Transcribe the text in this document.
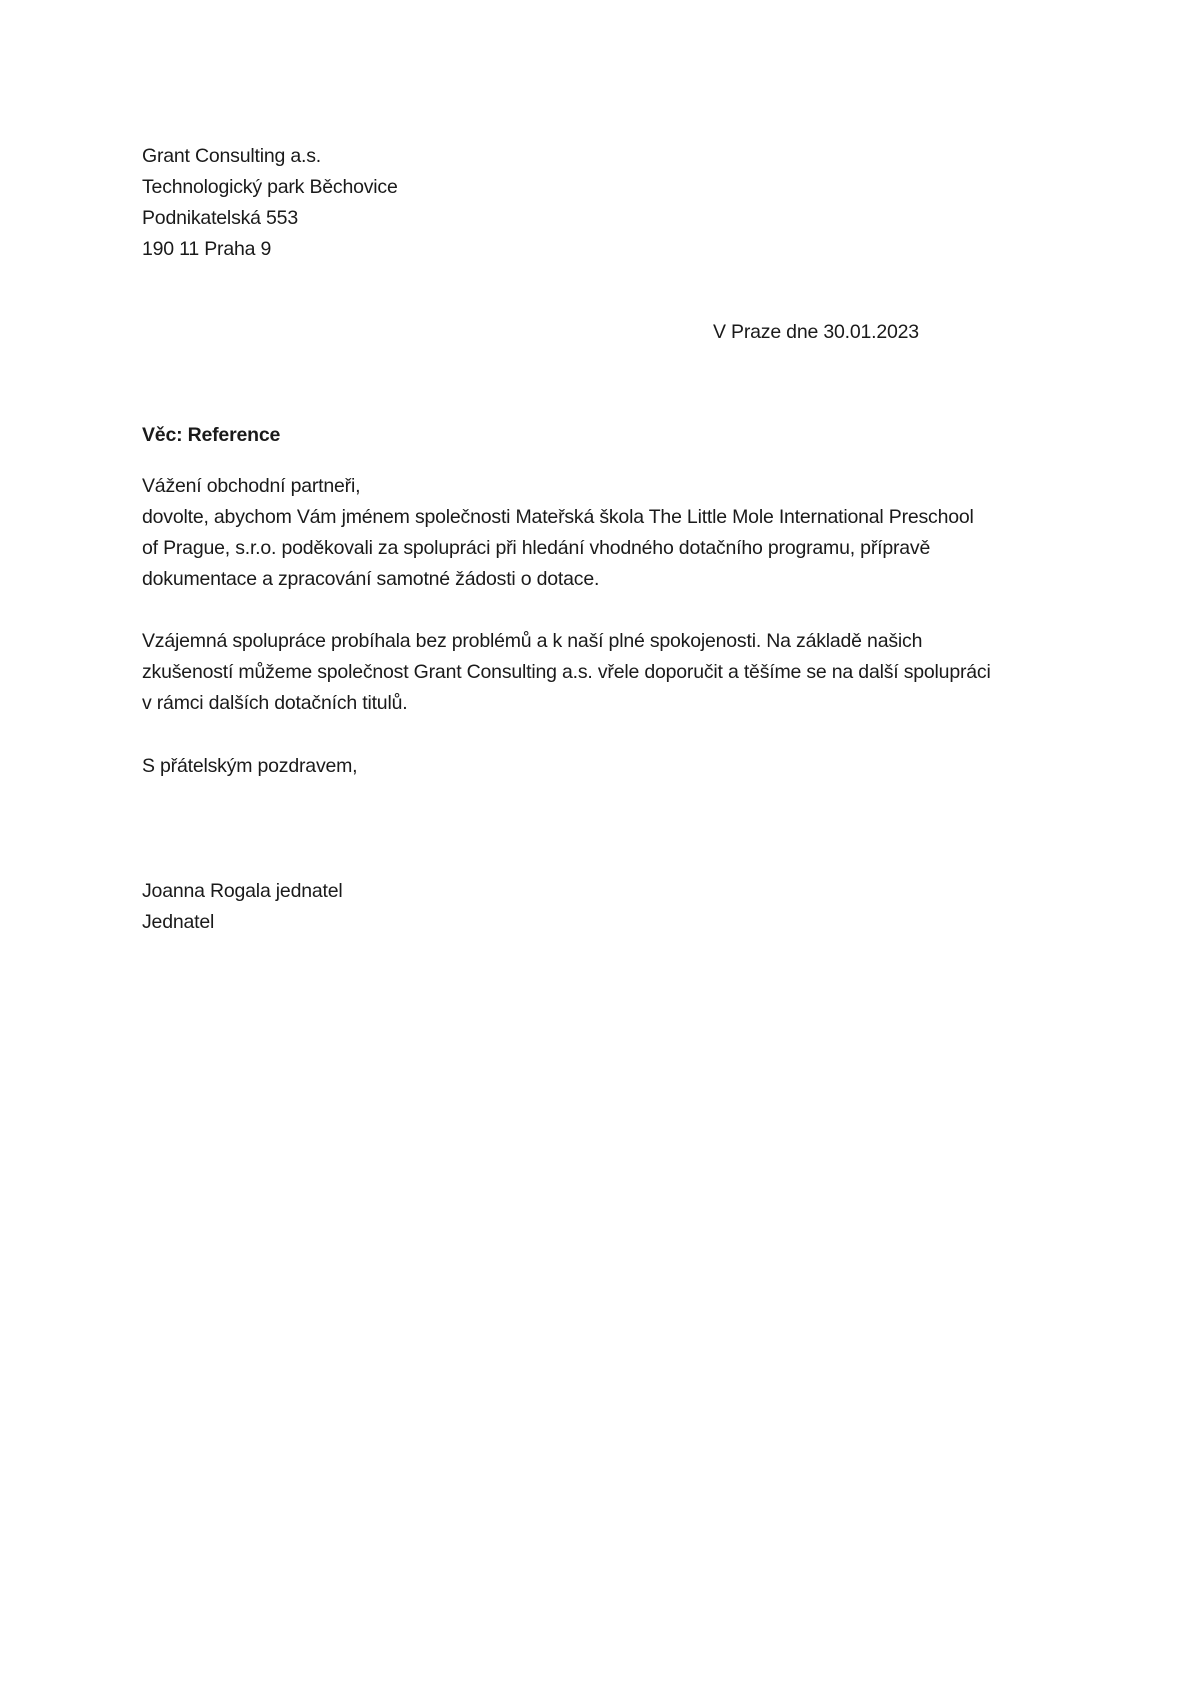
Grant Consulting a.s.
Technologický park Běchovice
Podnikatelská 553
190 11 Praha 9
V Praze dne 30.01.2023
Věc: Reference
Vážení obchodní partneři,
dovolte, abychom Vám jménem společnosti Mateřská škola The Little Mole International Preschool
of Prague, s.r.o. poděkovali za spolupráci při hledání vhodného dotačního programu, přípravě
dokumentace a zpracování samotné žádosti o dotace.
Vzájemná spolupráce probíhala bez problémů a k naší plné spokojenosti. Na základě našich
zkušeností můžeme společnost Grant Consulting a.s. vřele doporučit a těšíme se na další spolupráci
v rámci dalších dotačních titulů.
S přátelským pozdravem,
Joanna Rogala jednatel
Jednatel
